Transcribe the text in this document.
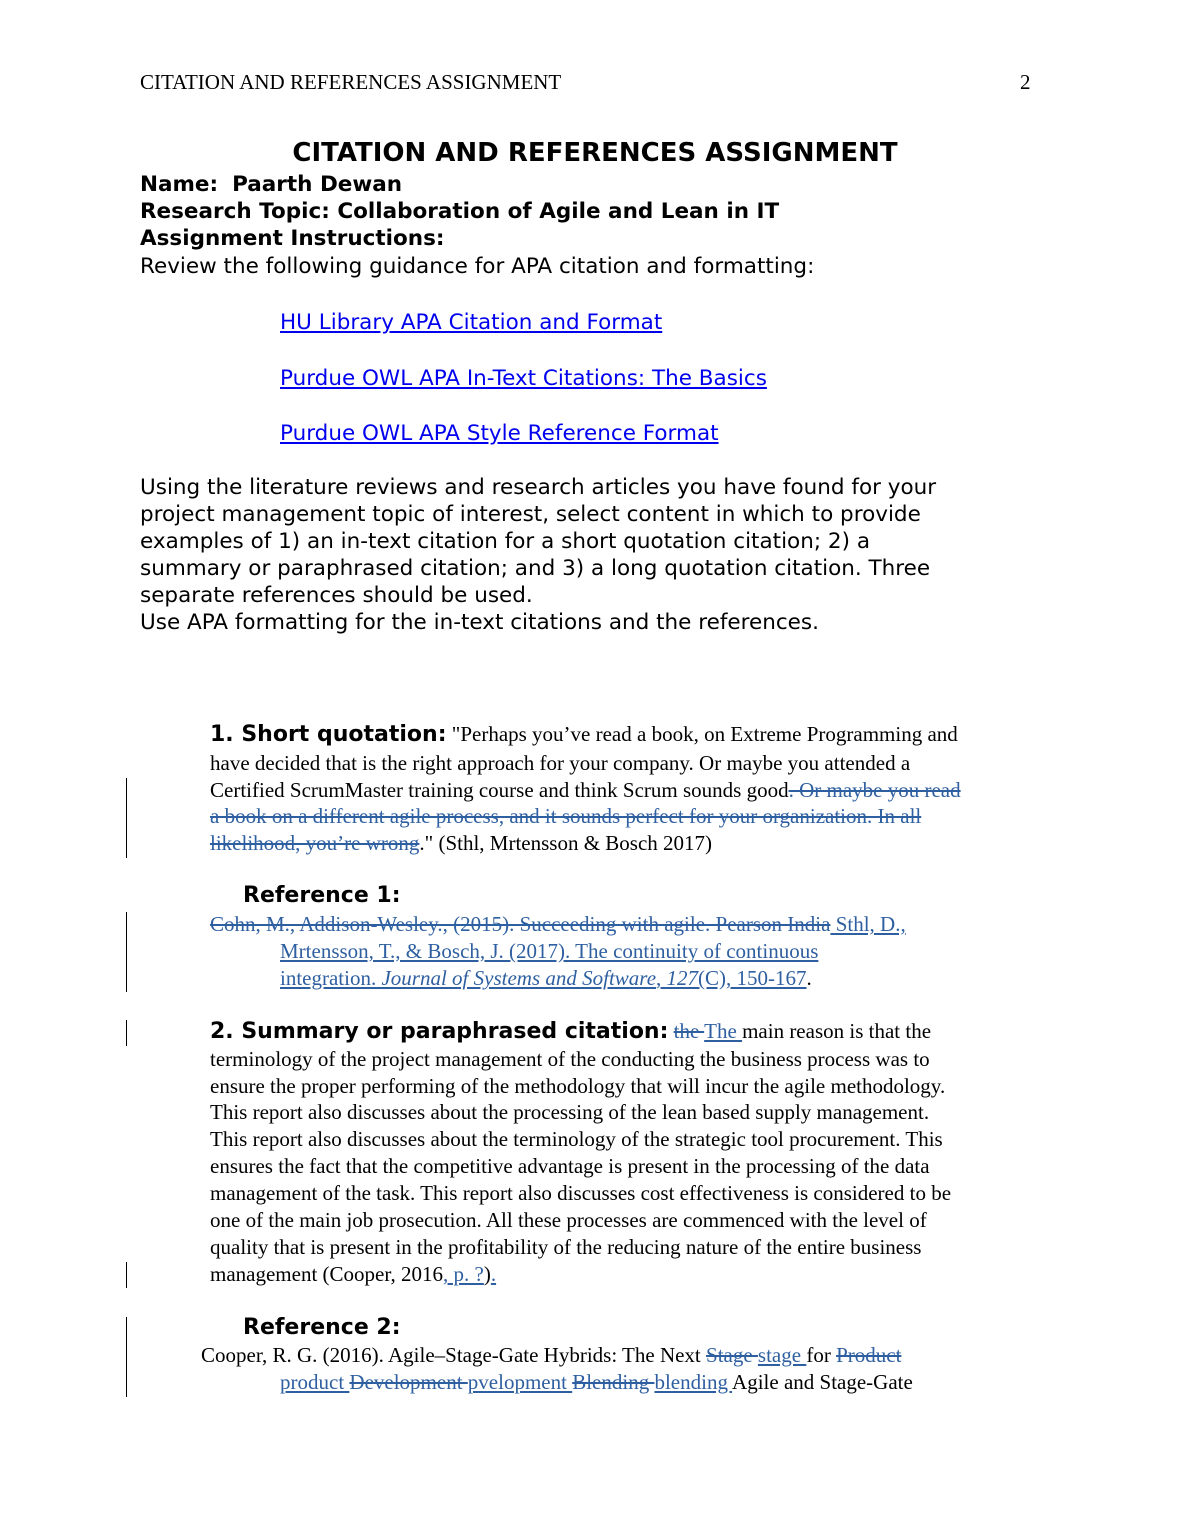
CITATION AND REFERENCES ASSIGNMENT	2
CITATION AND REFERENCES ASSIGNMENT
Name: Paarth Dewan
Research Topic: Collaboration of Agile and Lean in IT
Assignment Instructions:
Review the following guidance for APA citation and formatting:
HU Library APA Citation and Format
Purdue OWL APA In-Text Citations: The Basics
Purdue OWL APA Style Reference Format
Using the literature reviews and research articles you have found for your
project management topic of interest, select content in which to provide
examples of 1) an in-text citation for a short quotation citation; 2) a
summary or paraphrased citation; and 3) a long quotation citation. Three
separate references should be used.
Use APA formatting for the in-text citations and the references.
1. Short quotation: "Perhaps you’ve read a book, on Extreme Programming and
have decided that is the right approach for your company. Or maybe you attended a
Certified ScrumMaster training course and think Scrum sounds good. Or maybe you read
a book on a different agile process, and it sounds perfect for your organization. In all
likelihood, you’re wrong." (Sthl, Mrtensson & Bosch 2017)
Reference 1:
Cohn, M., Addison-Wesley., (2015). Succeeding with agile. Pearson India Sthl, D.,
Mrtensson, T., & Bosch, J. (2017). The continuity of continuous
integration. Journal of Systems and Software, 127(C), 150-167.
2. Summary or paraphrased citation: the The main reason is that the
terminology of the project management of the conducting the business process was to
ensure the proper performing of the methodology that will incur the agile methodology.
This report also discusses about the processing of the lean based supply management.
This report also discusses about the terminology of the strategic tool procurement. This
ensures the fact that the competitive advantage is present in the processing of the data
management of the task. This report also discusses cost effectiveness is considered to be
one of the main job prosecution. All these processes are commenced with the level of
quality that is present in the profitability of the reducing nature of the entire business
management (Cooper, 2016, p. ?).
Reference 2:
Cooper, R. G. (2016). Agile–Stage-Gate Hybrids: The Next Stage stage for Product
product Development pvelopment Blending blending Agile and Stage-Gate
